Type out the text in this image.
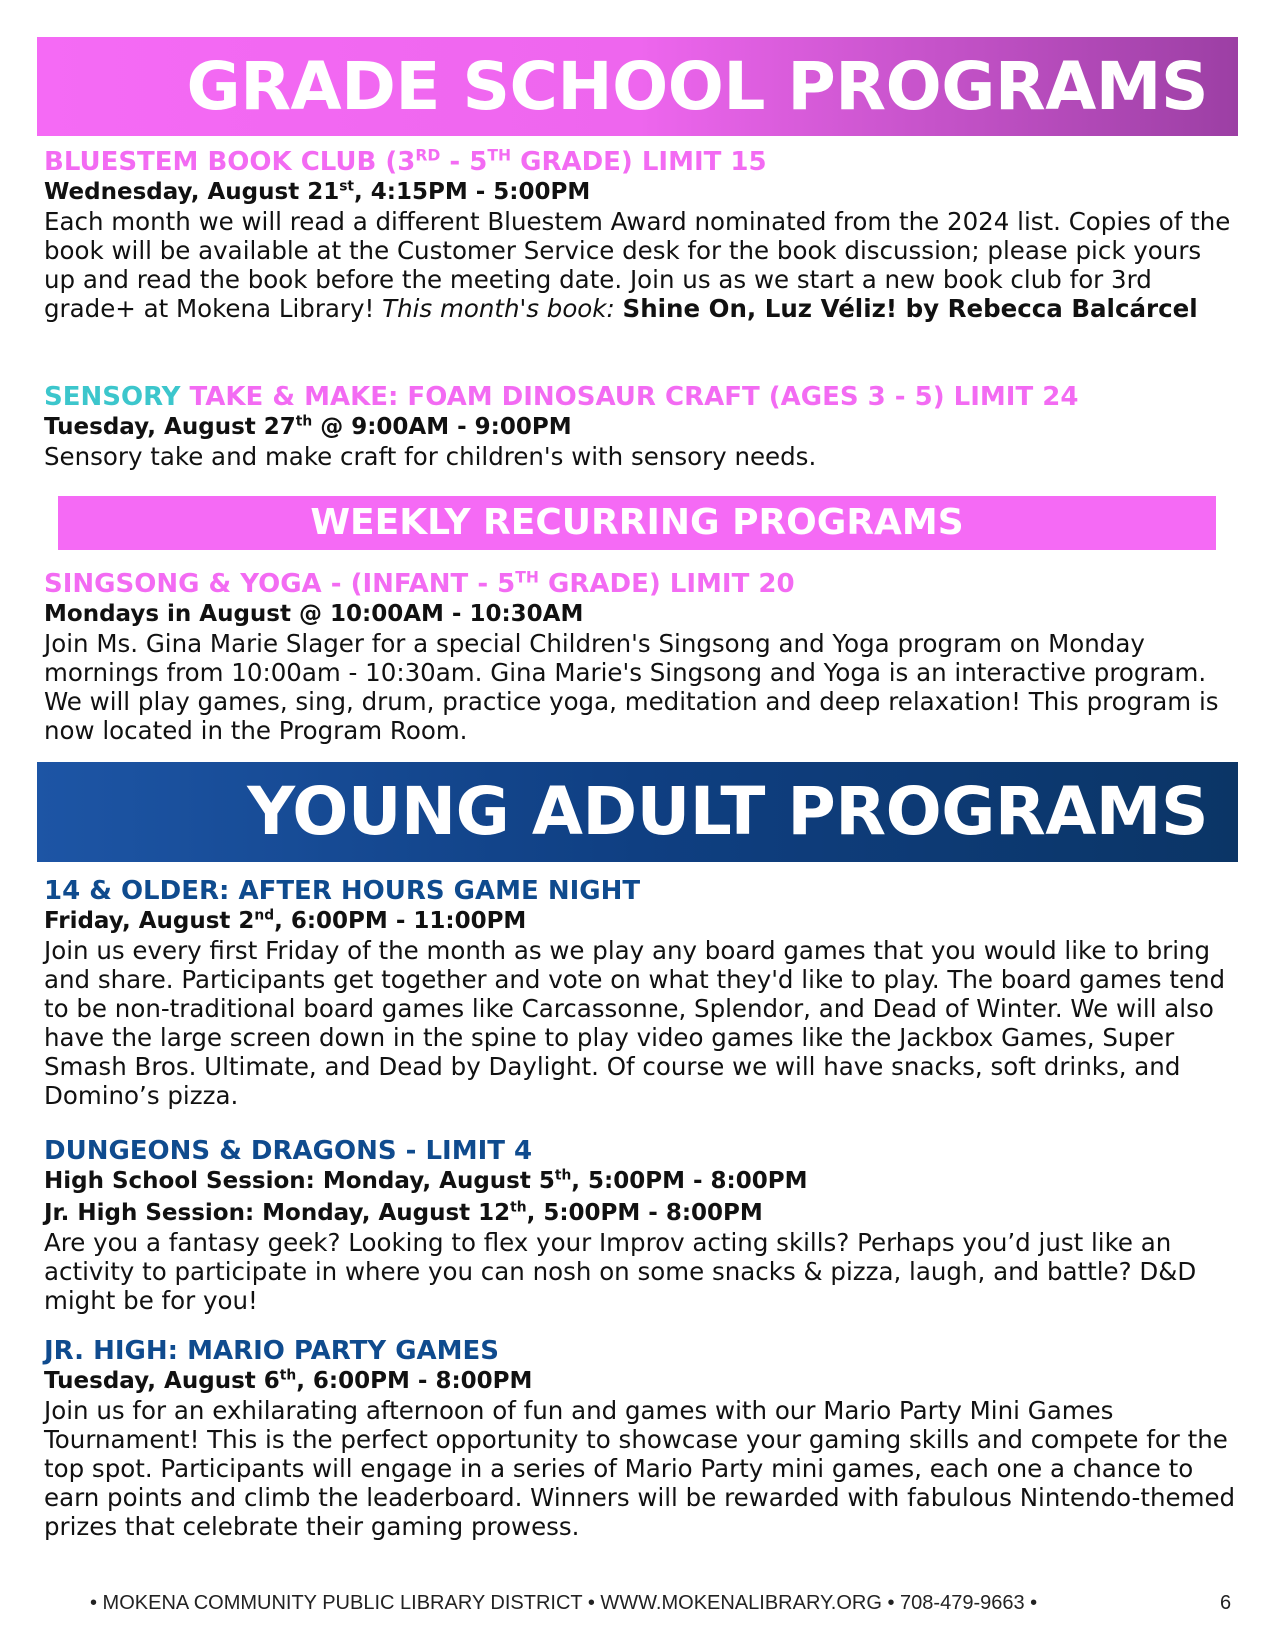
GRADE SCHOOL PROGRAMS
BLUESTEM BOOK CLUB (3RD - 5TH GRADE) LIMIT 15
Wednesday, August 21st, 4:15PM - 5:00PM
Each month we will read a different Bluestem Award nominated from the 2024 list. Copies of the book will be available at the Customer Service desk for the book discussion; please pick yours up and read the book before the meeting date. Join us as we start a new book club for 3rd grade+ at Mokena Library! This month's book: Shine On, Luz Véliz! by Rebecca Balcárcel
SENSORY TAKE & MAKE: FOAM DINOSAUR CRAFT (AGES 3 - 5) LIMIT 24
Tuesday, August 27th @ 9:00AM - 9:00PM
Sensory take and make craft for children's with sensory needs.
WEEKLY RECURRING PROGRAMS
SINGSONG & YOGA - (INFANT - 5TH GRADE) LIMIT 20
Mondays in August @ 10:00AM - 10:30AM
Join Ms. Gina Marie Slager for a special Children's Singsong and Yoga program on Monday mornings from 10:00am - 10:30am. Gina Marie's Singsong and Yoga is an interactive program. We will play games, sing, drum, practice yoga, meditation and deep relaxation! This program is now located in the Program Room.
YOUNG ADULT PROGRAMS
14 & OLDER: AFTER HOURS GAME NIGHT
Friday, August 2nd, 6:00PM - 11:00PM
Join us every first Friday of the month as we play any board games that you would like to bring and share. Participants get together and vote on what they'd like to play. The board games tend to be non-traditional board games like Carcassonne, Splendor, and Dead of Winter. We will also have the large screen down in the spine to play video games like the Jackbox Games, Super Smash Bros. Ultimate, and Dead by Daylight. Of course we will have snacks, soft drinks, and Domino’s pizza.
DUNGEONS & DRAGONS - LIMIT 4
High School Session: Monday, August 5th, 5:00PM - 8:00PM
Jr. High Session: Monday, August 12th, 5:00PM - 8:00PM
Are you a fantasy geek? Looking to flex your Improv acting skills? Perhaps you’d just like an activity to participate in where you can nosh on some snacks & pizza, laugh, and battle? D&D might be for you!
JR. HIGH: MARIO PARTY GAMES
Tuesday, August 6th, 6:00PM - 8:00PM
Join us for an exhilarating afternoon of fun and games with our Mario Party Mini Games Tournament! This is the perfect opportunity to showcase your gaming skills and compete for the top spot. Participants will engage in a series of Mario Party mini games, each one a chance to earn points and climb the leaderboard. Winners will be rewarded with fabulous Nintendo-themed prizes that celebrate their gaming prowess.
• MOKENA COMMUNITY PUBLIC LIBRARY DISTRICT • WWW.MOKENALIBRARY.ORG • 708-479-9663 •	6
